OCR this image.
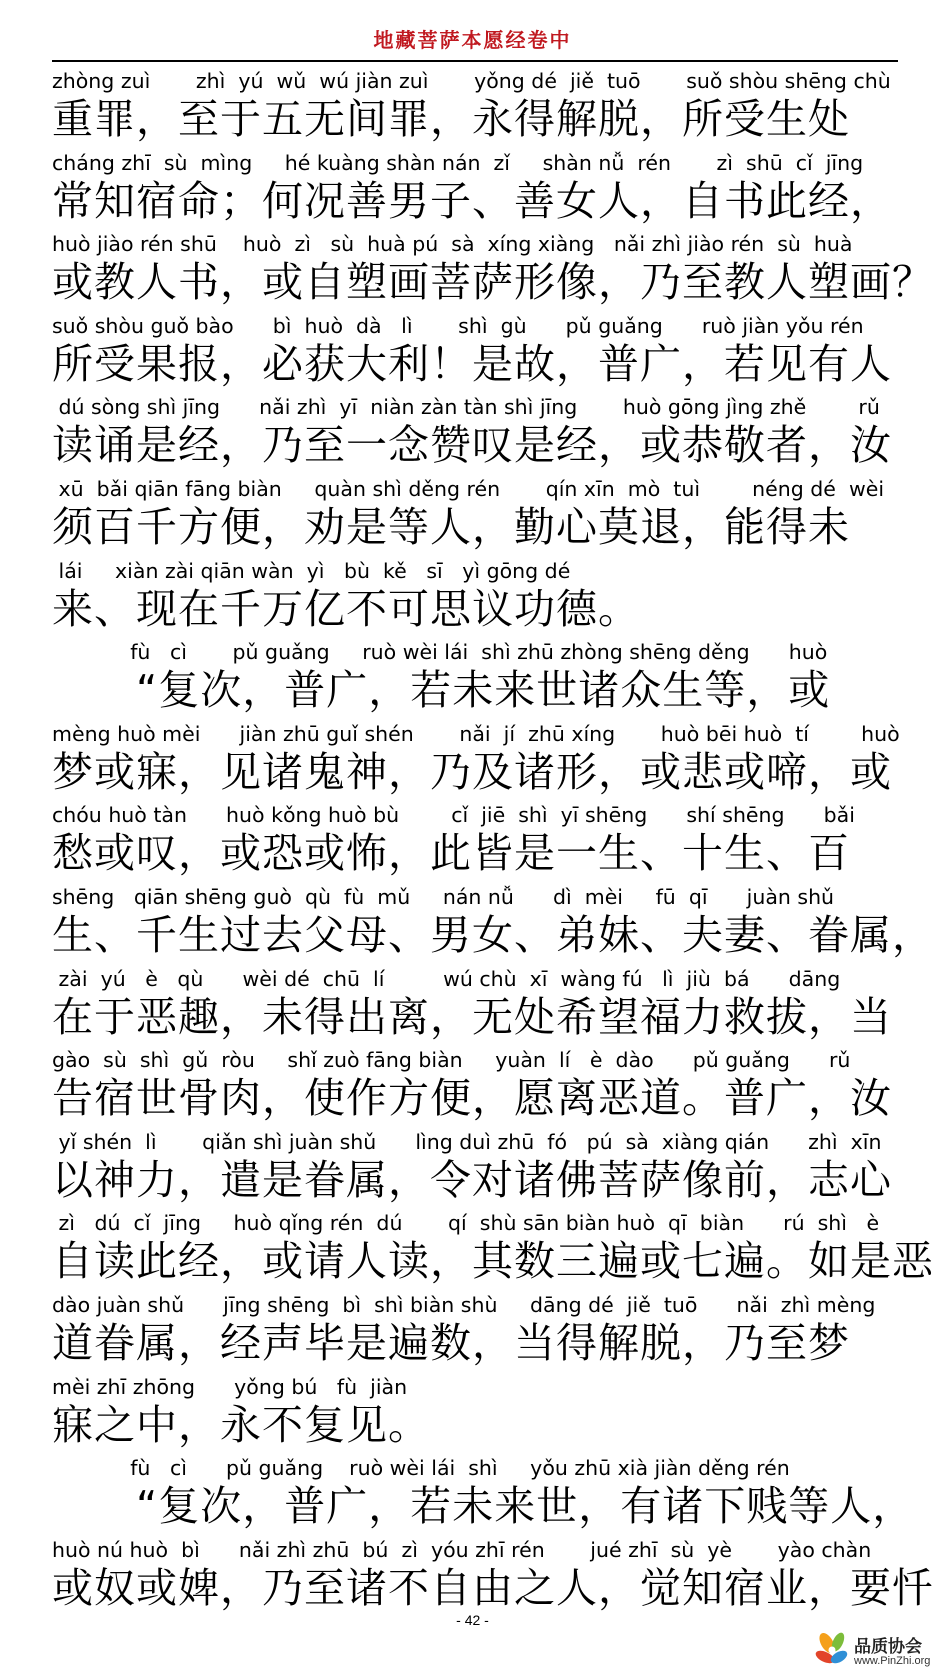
地藏菩萨本愿经卷中
zhòng zuì       zhì  yú  wǔ  wú jiàn zuì       yǒng dé  jiě  tuō       suǒ shòu shēng chù
重罪，至于五无间罪，永得解脱，所受生处
cháng zhī  sù  mìng     hé kuàng shàn nán  zǐ     shàn nǚ  rén       zì  shū  cǐ  jīng
常知宿命；何况善男子、善女人，自书此经，
huò jiào rén shū    huò  zì   sù  huà pú  sà  xíng xiàng   nǎi zhì jiào rén  sù  huà
或教人书，或自塑画菩萨形像，乃至教人塑画？
suǒ shòu guǒ bào      bì  huò  dà   lì       shì  gù      pǔ guǎng      ruò jiàn yǒu rén
所受果报，必获大利！是故，普广，若见有人
dú sòng shì jīng      nǎi zhì  yī  niàn zàn tàn shì jīng       huò gōng jìng zhě        rǔ
读诵是经，乃至一念赞叹是经，或恭敬者，汝
xū  bǎi qiān fāng biàn     quàn shì děng rén       qín xīn  mò  tuì        néng dé  wèi
须百千方便，劝是等人，勤心莫退，能得未
lái     xiàn zài qiān wàn  yì   bù  kě   sī   yì gōng dé
来、现在千万亿不可思议功德。
fù   cì       pǔ guǎng     ruò wèi lái  shì zhū zhòng shēng děng      huò
　　“复次，普广，若未来世诸众生等，或
mèng huò mèi      jiàn zhū guǐ shén       nǎi  jí  zhū xíng       huò bēi huò  tí        huò
梦或寐，见诸鬼神，乃及诸形，或悲或啼，或
chóu huò tàn      huò kǒng huò bù        cǐ  jiē  shì  yī shēng      shí shēng      bǎi
愁或叹，或恐或怖，此皆是一生、十生、百
shēng   qiān shēng guò  qù  fù  mǔ     nán nǚ      dì  mèi     fū  qī      juàn shǔ
生、千生过去父母、男女、弟妹、夫妻、眷属，
zài  yú   è   qù      wèi dé  chū  lí         wú chù  xī  wàng fú   lì  jiù  bá      dāng
在于恶趣，未得出离，无处希望福力救拔，当
gào  sù  shì  gǔ  ròu     shǐ zuò fāng biàn     yuàn  lí   è  dào      pǔ guǎng      rǔ
告宿世骨肉，使作方便，愿离恶道。普广，汝
yǐ shén  lì       qiǎn shì juàn shǔ      lìng duì zhū  fó   pú  sà  xiàng qián      zhì  xīn
以神力，遣是眷属，令对诸佛菩萨像前，志心
zì   dú  cǐ  jīng     huò qǐng rén  dú       qí  shù sān biàn huò  qī  biàn      rú  shì   è
自读此经，或请人读，其数三遍或七遍。如是恶
dào juàn shǔ      jīng shēng  bì  shì biàn shù     dāng dé  jiě  tuō      nǎi  zhì mèng
道眷属，经声毕是遍数，当得解脱，乃至梦
mèi zhī zhōng      yǒng bú   fù  jiàn
寐之中，永不复见。
fù   cì      pǔ guǎng    ruò wèi lái  shì     yǒu zhū xià jiàn děng rén
　　“复次，普广，若未来世，有诸下贱等人，
huò nú huò  bì      nǎi zhì zhū  bú  zì  yóu zhī rén       jué zhī  sù  yè       yào chàn
或奴或婢，乃至诸不自由之人，觉知宿业，要忏
- 42 -
品质协会
www.PinZhi.org
